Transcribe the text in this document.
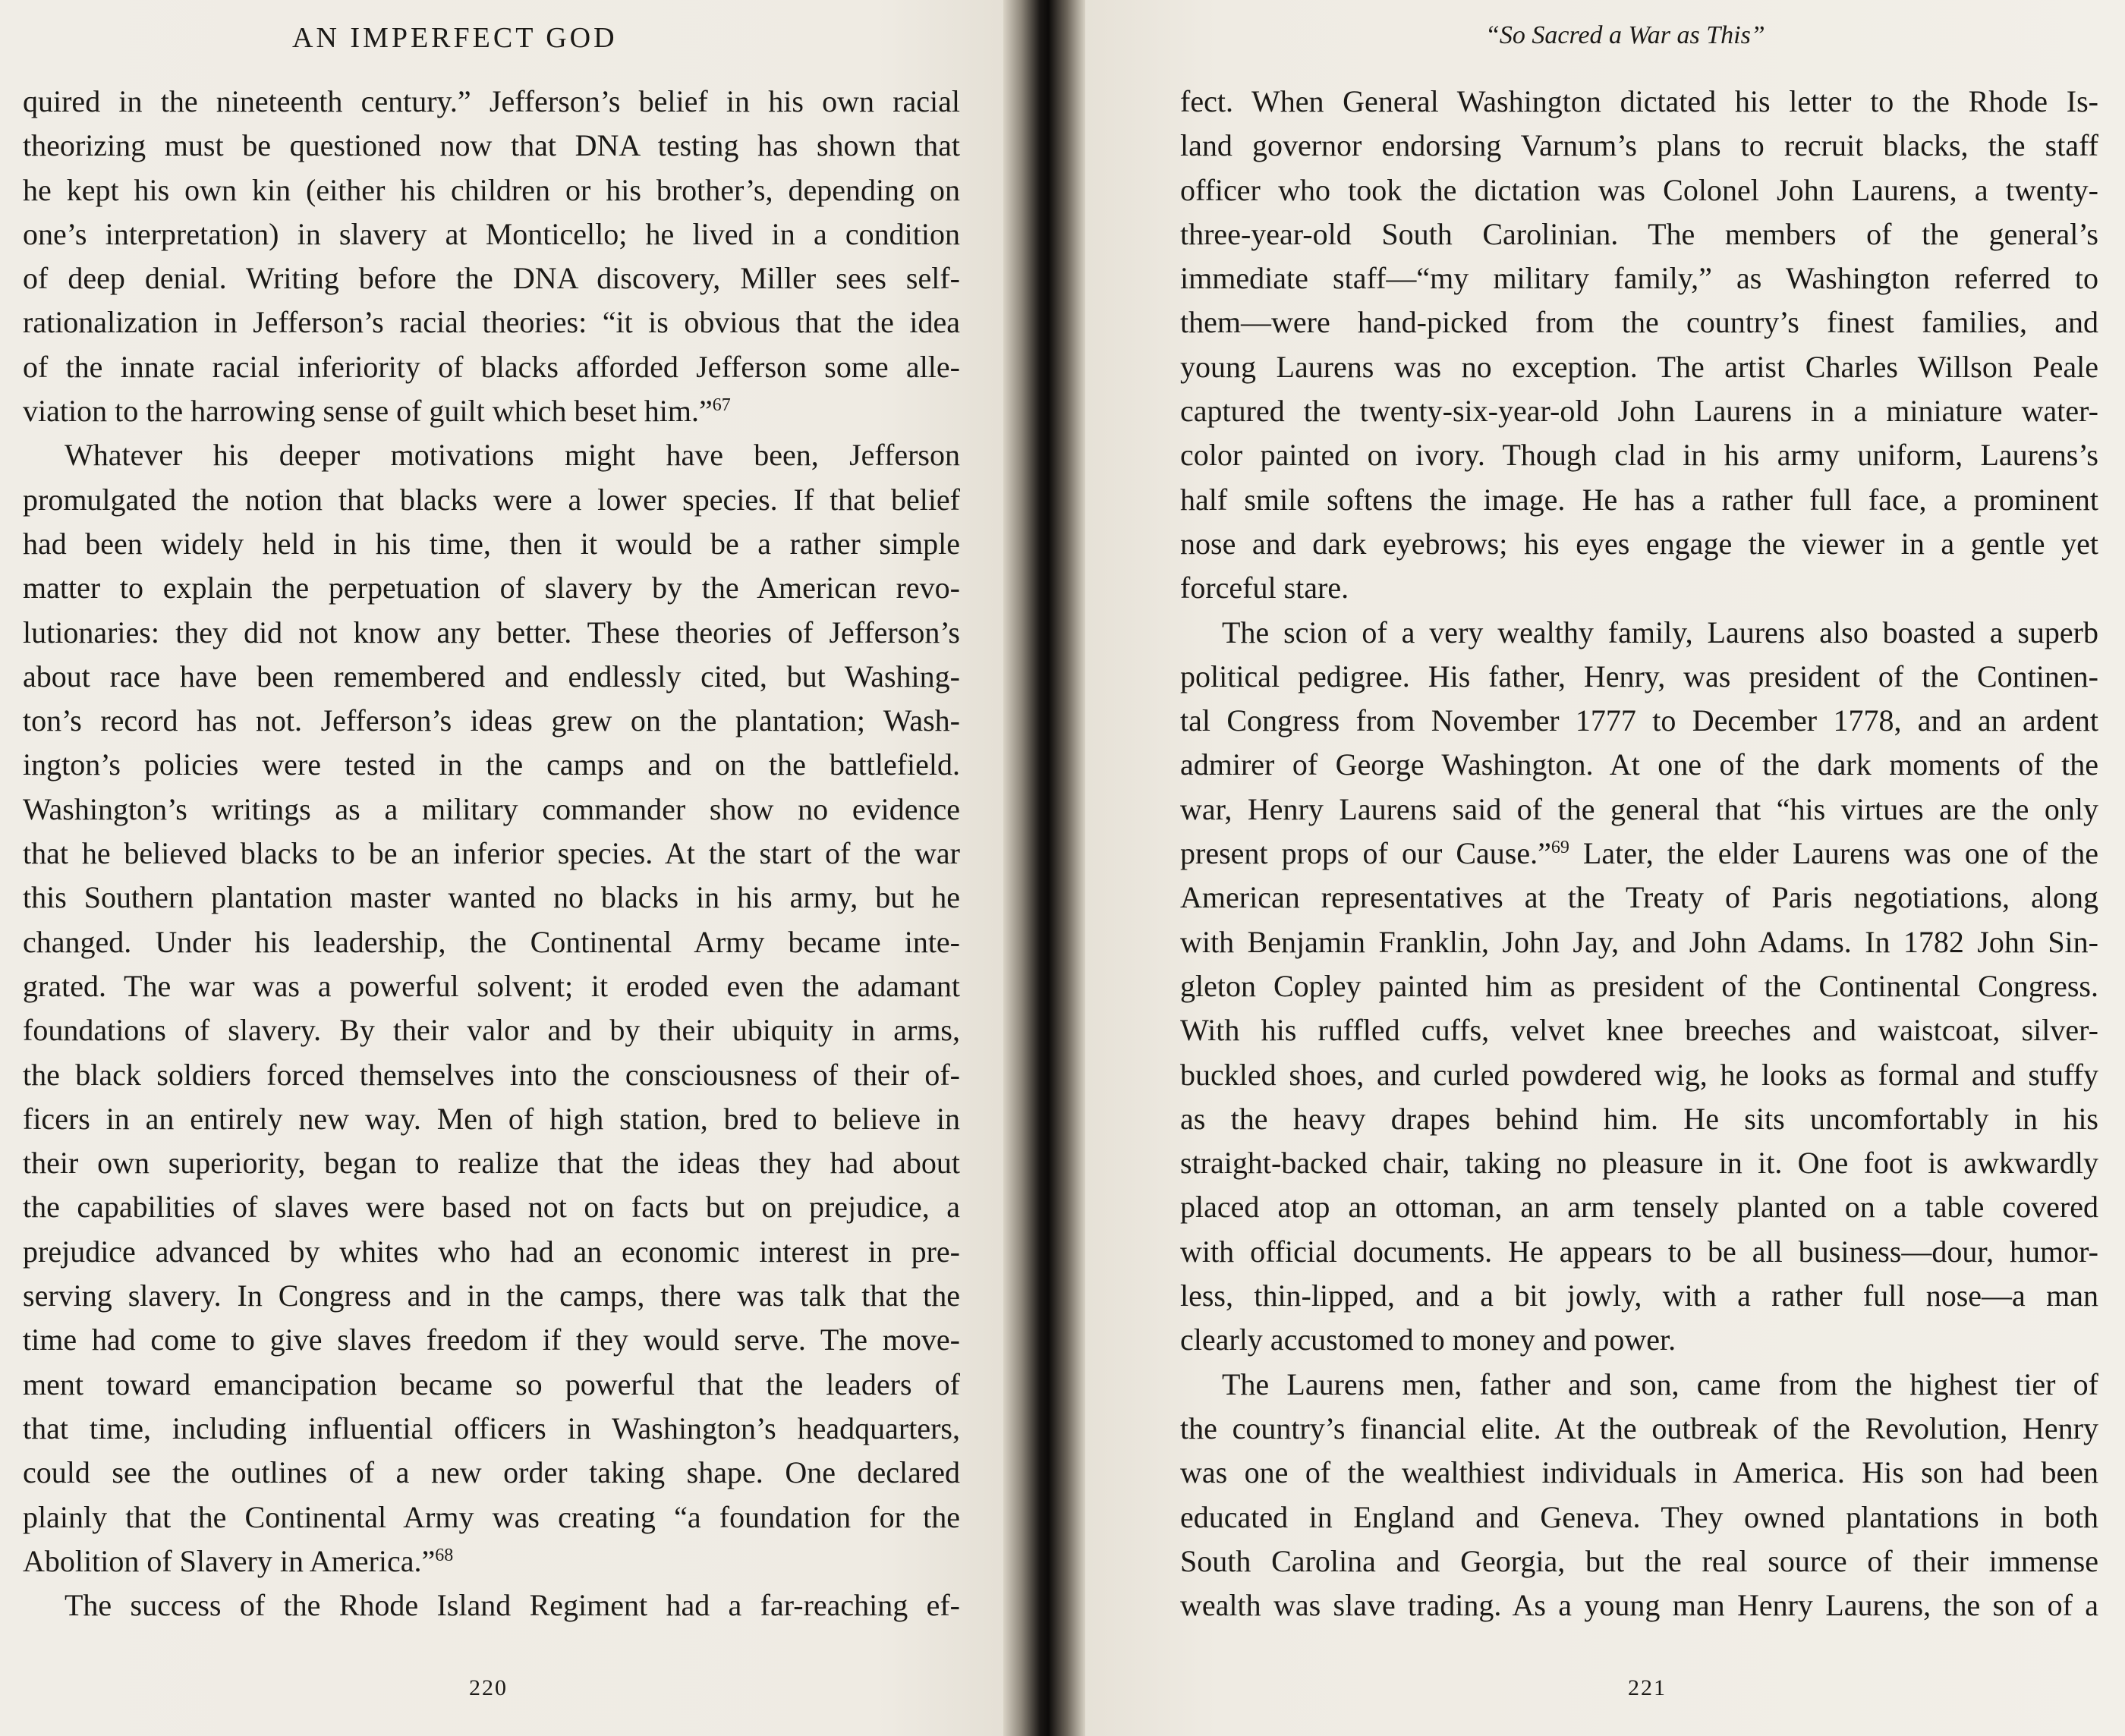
AN IMPERFECT GOD
quired in the nineteenth century.” Jefferson’s belief in his own racial
theorizing must be questioned now that DNA testing has shown that
he kept his own kin (either his children or his brother’s, depending on
one’s interpretation) in slavery at Monticello; he lived in a condition
of deep denial. Writing before the DNA discovery, Miller sees self-
rationalization in Jefferson’s racial theories: “it is obvious that the idea
of the innate racial inferiority of blacks afforded Jefferson some alle-
viation to the harrowing sense of guilt which beset him.”$^{67}$
Whatever his deeper motivations might have been, Jefferson
promulgated the notion that blacks were a lower species. If that belief
had been widely held in his time, then it would be a rather simple
matter to explain the perpetuation of slavery by the American revo-
lutionaries: they did not know any better. These theories of Jefferson’s
about race have been remembered and endlessly cited, but Washing-
ton’s record has not. Jefferson’s ideas grew on the plantation; Wash-
ington’s policies were tested in the camps and on the battlefield.
Washington’s writings as a military commander show no evidence
that he believed blacks to be an inferior species. At the start of the war
this Southern plantation master wanted no blacks in his army, but he
changed. Under his leadership, the Continental Army became inte-
grated. The war was a powerful solvent; it eroded even the adamant
foundations of slavery. By their valor and by their ubiquity in arms,
the black soldiers forced themselves into the consciousness of their of-
ficers in an entirely new way. Men of high station, bred to believe in
their own superiority, began to realize that the ideas they had about
the capabilities of slaves were based not on facts but on prejudice, a
prejudice advanced by whites who had an economic interest in pre-
serving slavery. In Congress and in the camps, there was talk that the
time had come to give slaves freedom if they would serve. The move-
ment toward emancipation became so powerful that the leaders of
that time, including influential officers in Washington’s headquarters,
could see the outlines of a new order taking shape. One declared
plainly that the Continental Army was creating “a foundation for the
Abolition of Slavery in America.”$^{68}$
The success of the Rhode Island Regiment had a far-reaching ef-

220

“So Sacred a War as This”
fect. When General Washington dictated his letter to the Rhode Is-
land governor endorsing Varnum’s plans to recruit blacks, the staff
officer who took the dictation was Colonel John Laurens, a twenty-
three-year-old South Carolinian. The members of the general’s
immediate staff—“my military family,” as Washington referred to
them—were hand-picked from the country’s finest families, and
young Laurens was no exception. The artist Charles Willson Peale
captured the twenty-six-year-old John Laurens in a miniature water-
color painted on ivory. Though clad in his army uniform, Laurens’s
half smile softens the image. He has a rather full face, a prominent
nose and dark eyebrows; his eyes engage the viewer in a gentle yet
forceful stare.
The scion of a very wealthy family, Laurens also boasted a superb
political pedigree. His father, Henry, was president of the Continen-
tal Congress from November 1777 to December 1778, and an ardent
admirer of George Washington. At one of the dark moments of the
war, Henry Laurens said of the general that “his virtues are the only
present props of our Cause.”$^{69}$ Later, the elder Laurens was one of the
American representatives at the Treaty of Paris negotiations, along
with Benjamin Franklin, John Jay, and John Adams. In 1782 John Sin-
gleton Copley painted him as president of the Continental Congress.
With his ruffled cuffs, velvet knee breeches and waistcoat, silver-
buckled shoes, and curled powdered wig, he looks as formal and stuffy
as the heavy drapes behind him. He sits uncomfortably in his
straight-backed chair, taking no pleasure in it. One foot is awkwardly
placed atop an ottoman, an arm tensely planted on a table covered
with official documents. He appears to be all business—dour, humor-
less, thin-lipped, and a bit jowly, with a rather full nose—a man
clearly accustomed to money and power.
The Laurens men, father and son, came from the highest tier of
the country’s financial elite. At the outbreak of the Revolution, Henry
was one of the wealthiest individuals in America. His son had been
educated in England and Geneva. They owned plantations in both
South Carolina and Georgia, but the real source of their immense
wealth was slave trading. As a young man Henry Laurens, the son of a

221
